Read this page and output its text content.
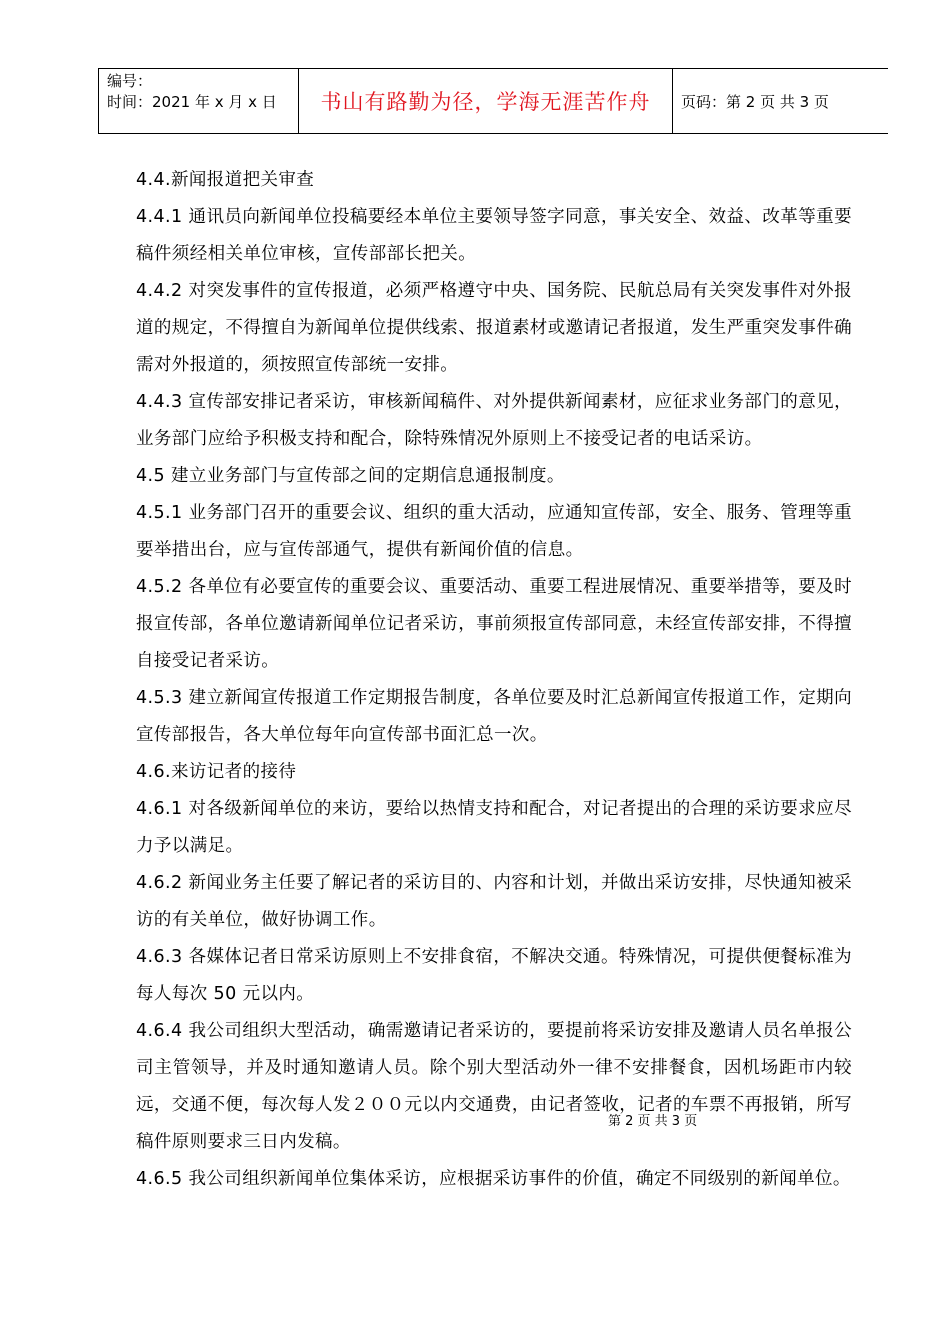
编号：
时间：2021 年 x 月 x 日	书山有路勤为径，学海无涯苦作舟 页码：第 2 页 共 3 页

4.4.新闻报道把关审查

4.4.1 通讯员向新闻单位投稿要经本单位主要领导签字同意，事关安全、效益、改革等重要稿件须经相关单位审核，宣传部部长把关。

4.4.2 对突发事件的宣传报道，必须严格遵守中央、国务院、民航总局有关突发事件对外报道的规定，不得擅自为新闻单位提供线索、报道素材或邀请记者报道，发生严重突发事件确需对外报道的，须按照宣传部统一安排。

4.4.3 宣传部安排记者采访，审核新闻稿件、对外提供新闻素材，应征求业务部门的意见，业务部门应给予积极支持和配合，除特殊情况外原则上不接受记者的电话采访。

4.5 建立业务部门与宣传部之间的定期信息通报制度。

4.5.1 业务部门召开的重要会议、组织的重大活动，应通知宣传部，安全、服务、管理等重要举措出台，应与宣传部通气，提供有新闻价值的信息。

4.5.2 各单位有必要宣传的重要会议、重要活动、重要工程进展情况、重要举措等，要及时报宣传部，各单位邀请新闻单位记者采访，事前须报宣传部同意，未经宣传部安排，不得擅自接受记者采访。

4.5.3 建立新闻宣传报道工作定期报告制度，各单位要及时汇总新闻宣传报道工作，定期向宣传部报告，各大单位每年向宣传部书面汇总一次。

4.6.来访记者的接待

4.6.1 对各级新闻单位的来访，要给以热情支持和配合，对记者提出的合理的采访要求应尽力予以满足。

4.6.2 新闻业务主任要了解记者的采访目的、内容和计划，并做出采访安排，尽快通知被采访的有关单位，做好协调工作。

4.6.3 各媒体记者日常采访原则上不安排食宿，不解决交通。特殊情况，可提供便餐标准为每人每次 50 元以内。

4.6.4 我公司组织大型活动，确需邀请记者采访的，要提前将采访安排及邀请人员名单报公司主管领导，并及时通知邀请人员。除个别大型活动外一律不安排餐食，因机场距市内较远，交通不便，每次每人发２００元以内交通费，由记者签收，记者的车票不再报销，所写稿件原则要求三日内发稿。

4.6.5 我公司组织新闻单位集体采访，应根据采访事件的价值，确定不同级别的新闻单位。

第 2 页 共 3 页
